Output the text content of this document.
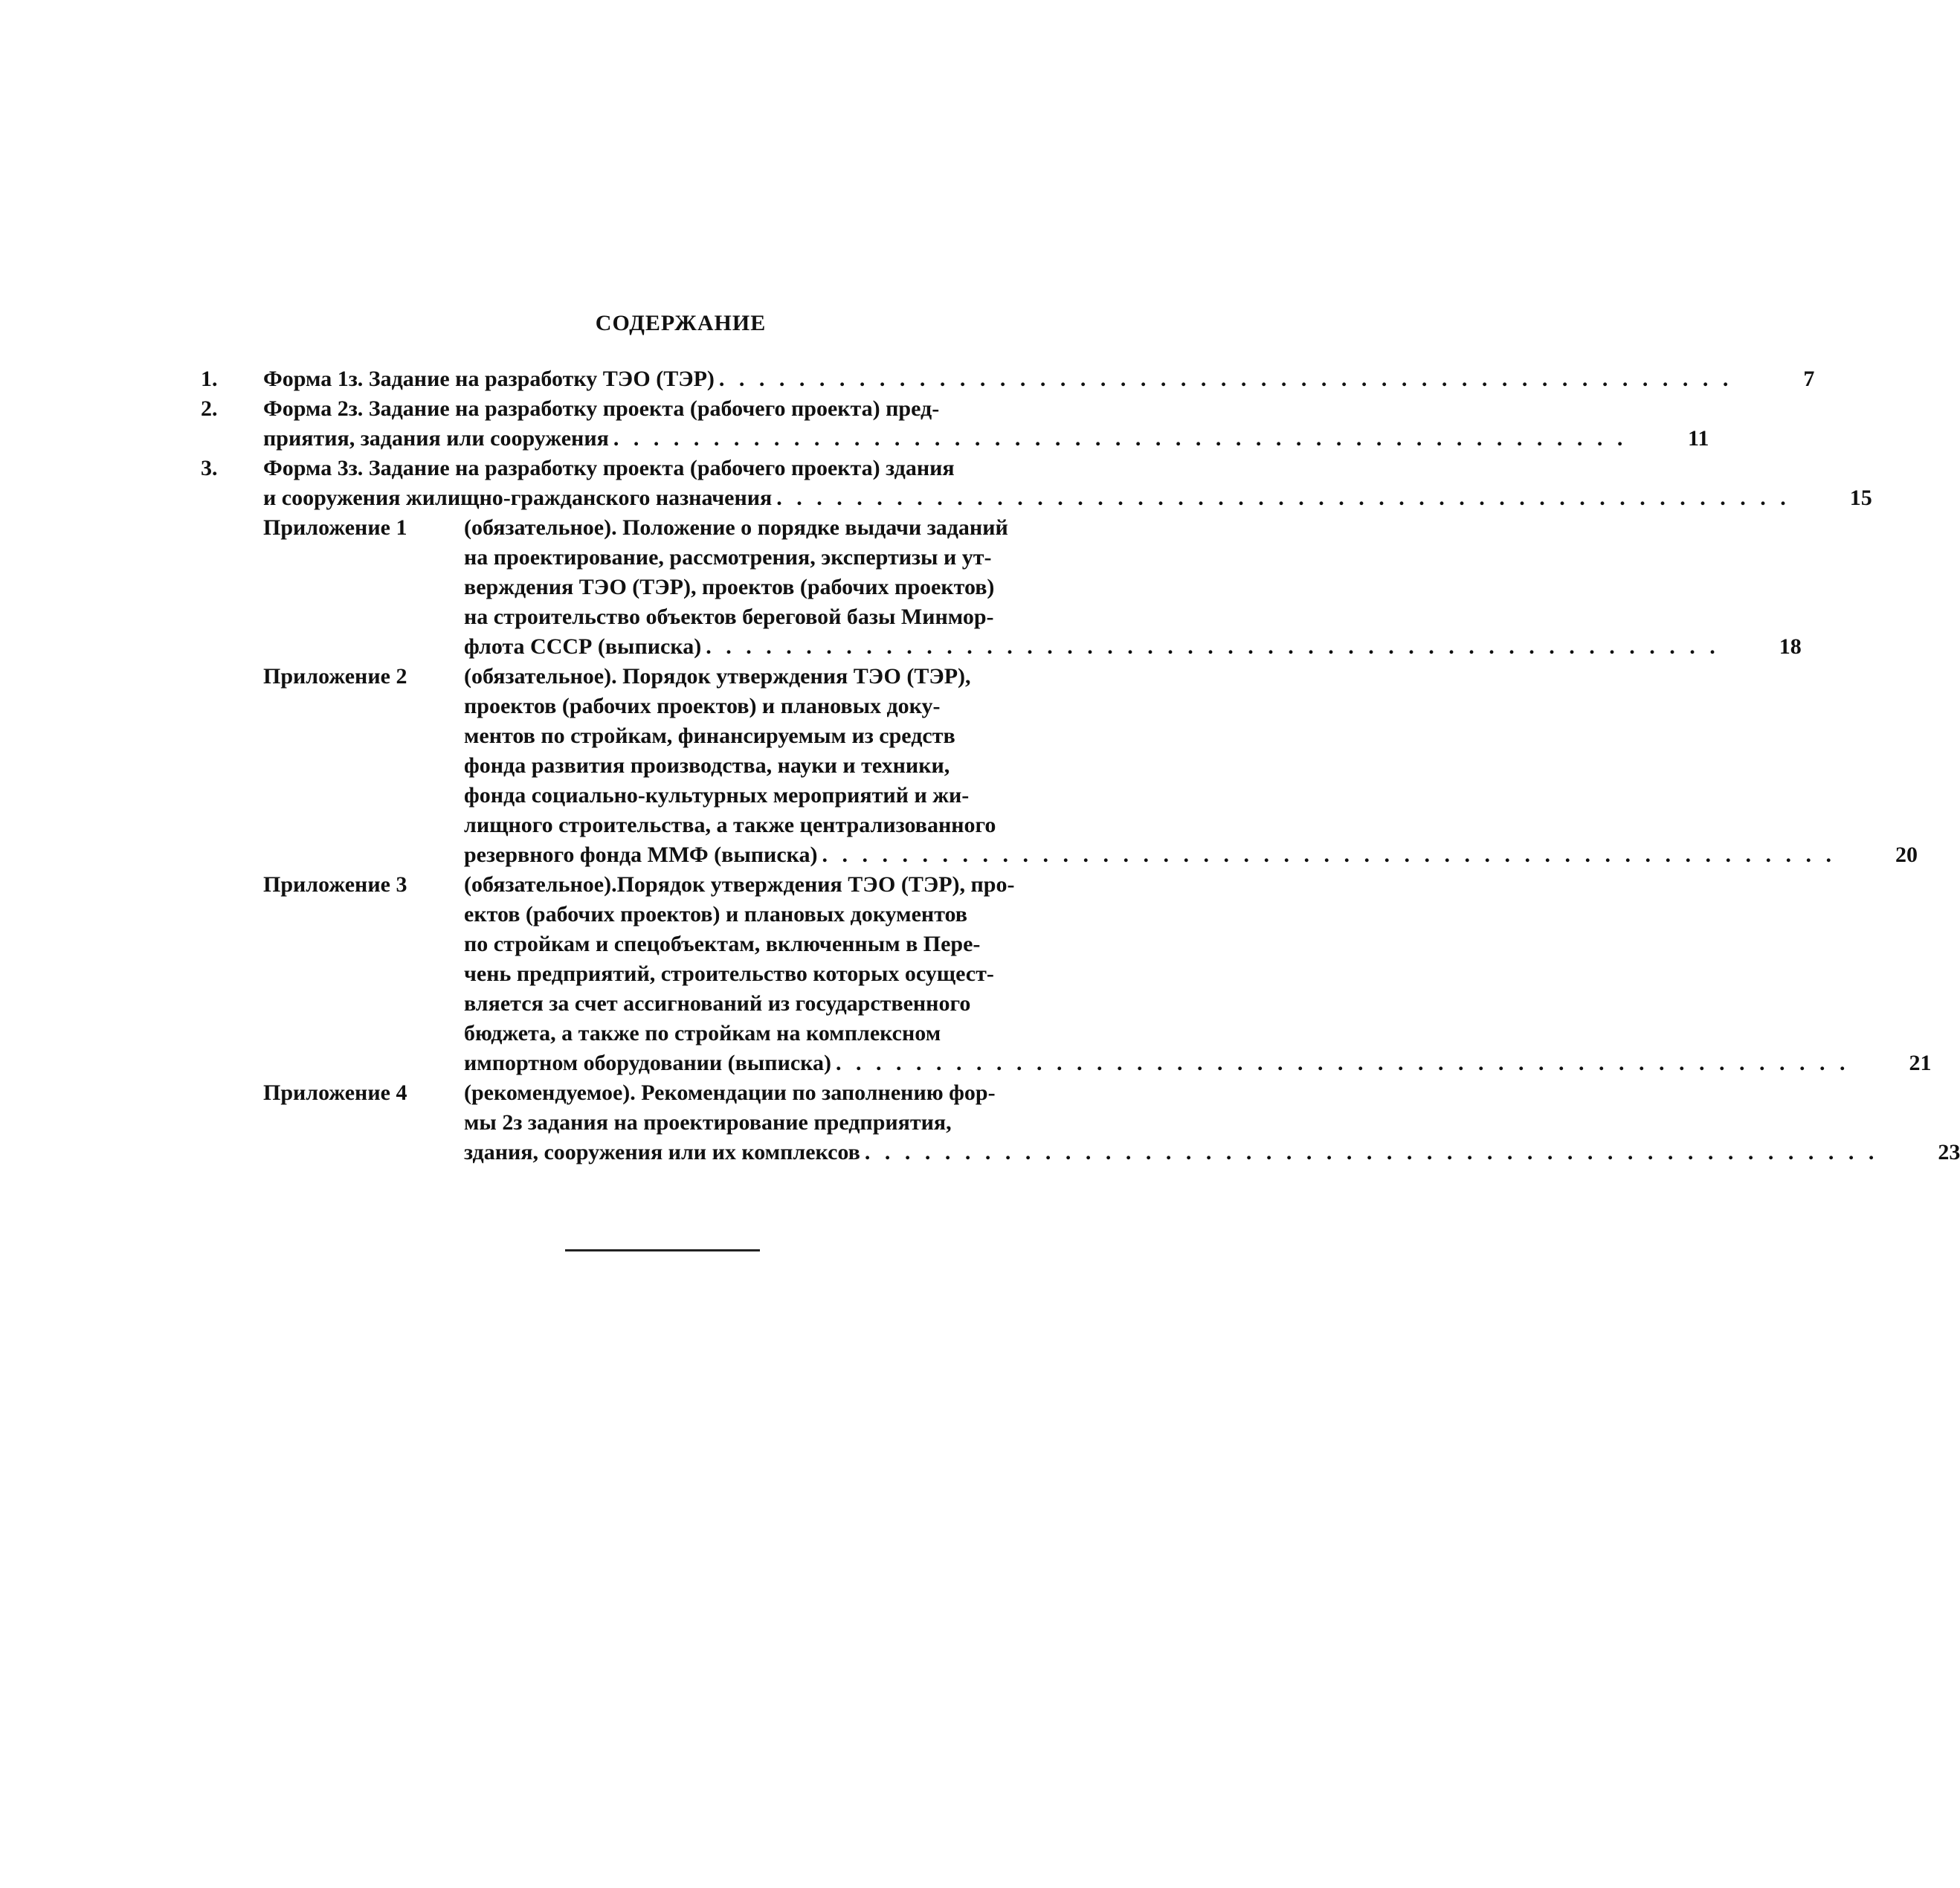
СОДЕРЖАНИЕ
1.	Форма 1з. Задание на разработку ТЭО (ТЭР) . . . . . . . . . . . . . . . . . . . . . . . . . . . . . . . . . . . . . . . . . . . . . . . . . . .	7
2.	Форма 2з. Задание на разработку проекта (рабочего проекта) пред-
приятия, задания или сооружения . . . . . . . . . . . . . . . . . . . . . . . . . . . . . . . . . . . . . . . . . . . . . . . . . . .	11
3.	Форма 3з. Задание на разработку проекта (рабочего проекта) здания
и сооружения жилищно-гражданского назначения . . . . . . . . . . . . . . . . . . . . . . . . . . . . . . . . . . . . . . . . . . . . . . . . . . .	15
Приложение 1	(обязательное). Положение о порядке выдачи заданий
на проектирование, рассмотрения, экспертизы и ут-
верждения ТЭО (ТЭР), проектов (рабочих проектов)
на строительство объектов береговой базы Минмор-
флота СССР (выписка) . . . . . . . . . . . . . . . . . . . . . . . . . . . . . . . . . . . . . . . . . . . . . . . . . . .	18
Приложение 2	(обязательное). Порядок утверждения ТЭО (ТЭР),
проектов (рабочих проектов) и плановых доку-
ментов по стройкам, финансируемым из средств
фонда развития производства, науки и техники,
фонда социально-культурных мероприятий и жи-
лищного строительства, а также централизованного
резервного фонда ММФ (выписка) . . . . . . . . . . . . . . . . . . . . . . . . . . . . . . . . . . . . . . . . . . . . . . . . . . .	20
Приложение 3	(обязательное).Порядок утверждения ТЭО (ТЭР), про-
ектов (рабочих проектов) и плановых документов
по стройкам и спецобъектам, включенным в Пере-
чень предприятий, строительство которых осущест-
вляется за счет ассигнований из государственного
бюджета, а также по стройкам на комплексном
импортном оборудовании (выписка) . . . . . . . . . . . . . . . . . . . . . . . . . . . . . . . . . . . . . . . . . . . . . . . . . . .	21
Приложение 4	(рекомендуемое). Рекомендации по заполнению фор-
мы 2з задания на проектирование предприятия,
здания, сооружения или их комплексов . . . . . . . . . . . . . . . . . . . . . . . . . . . . . . . . . . . . . . . . . . . . . . . . . . .	23
